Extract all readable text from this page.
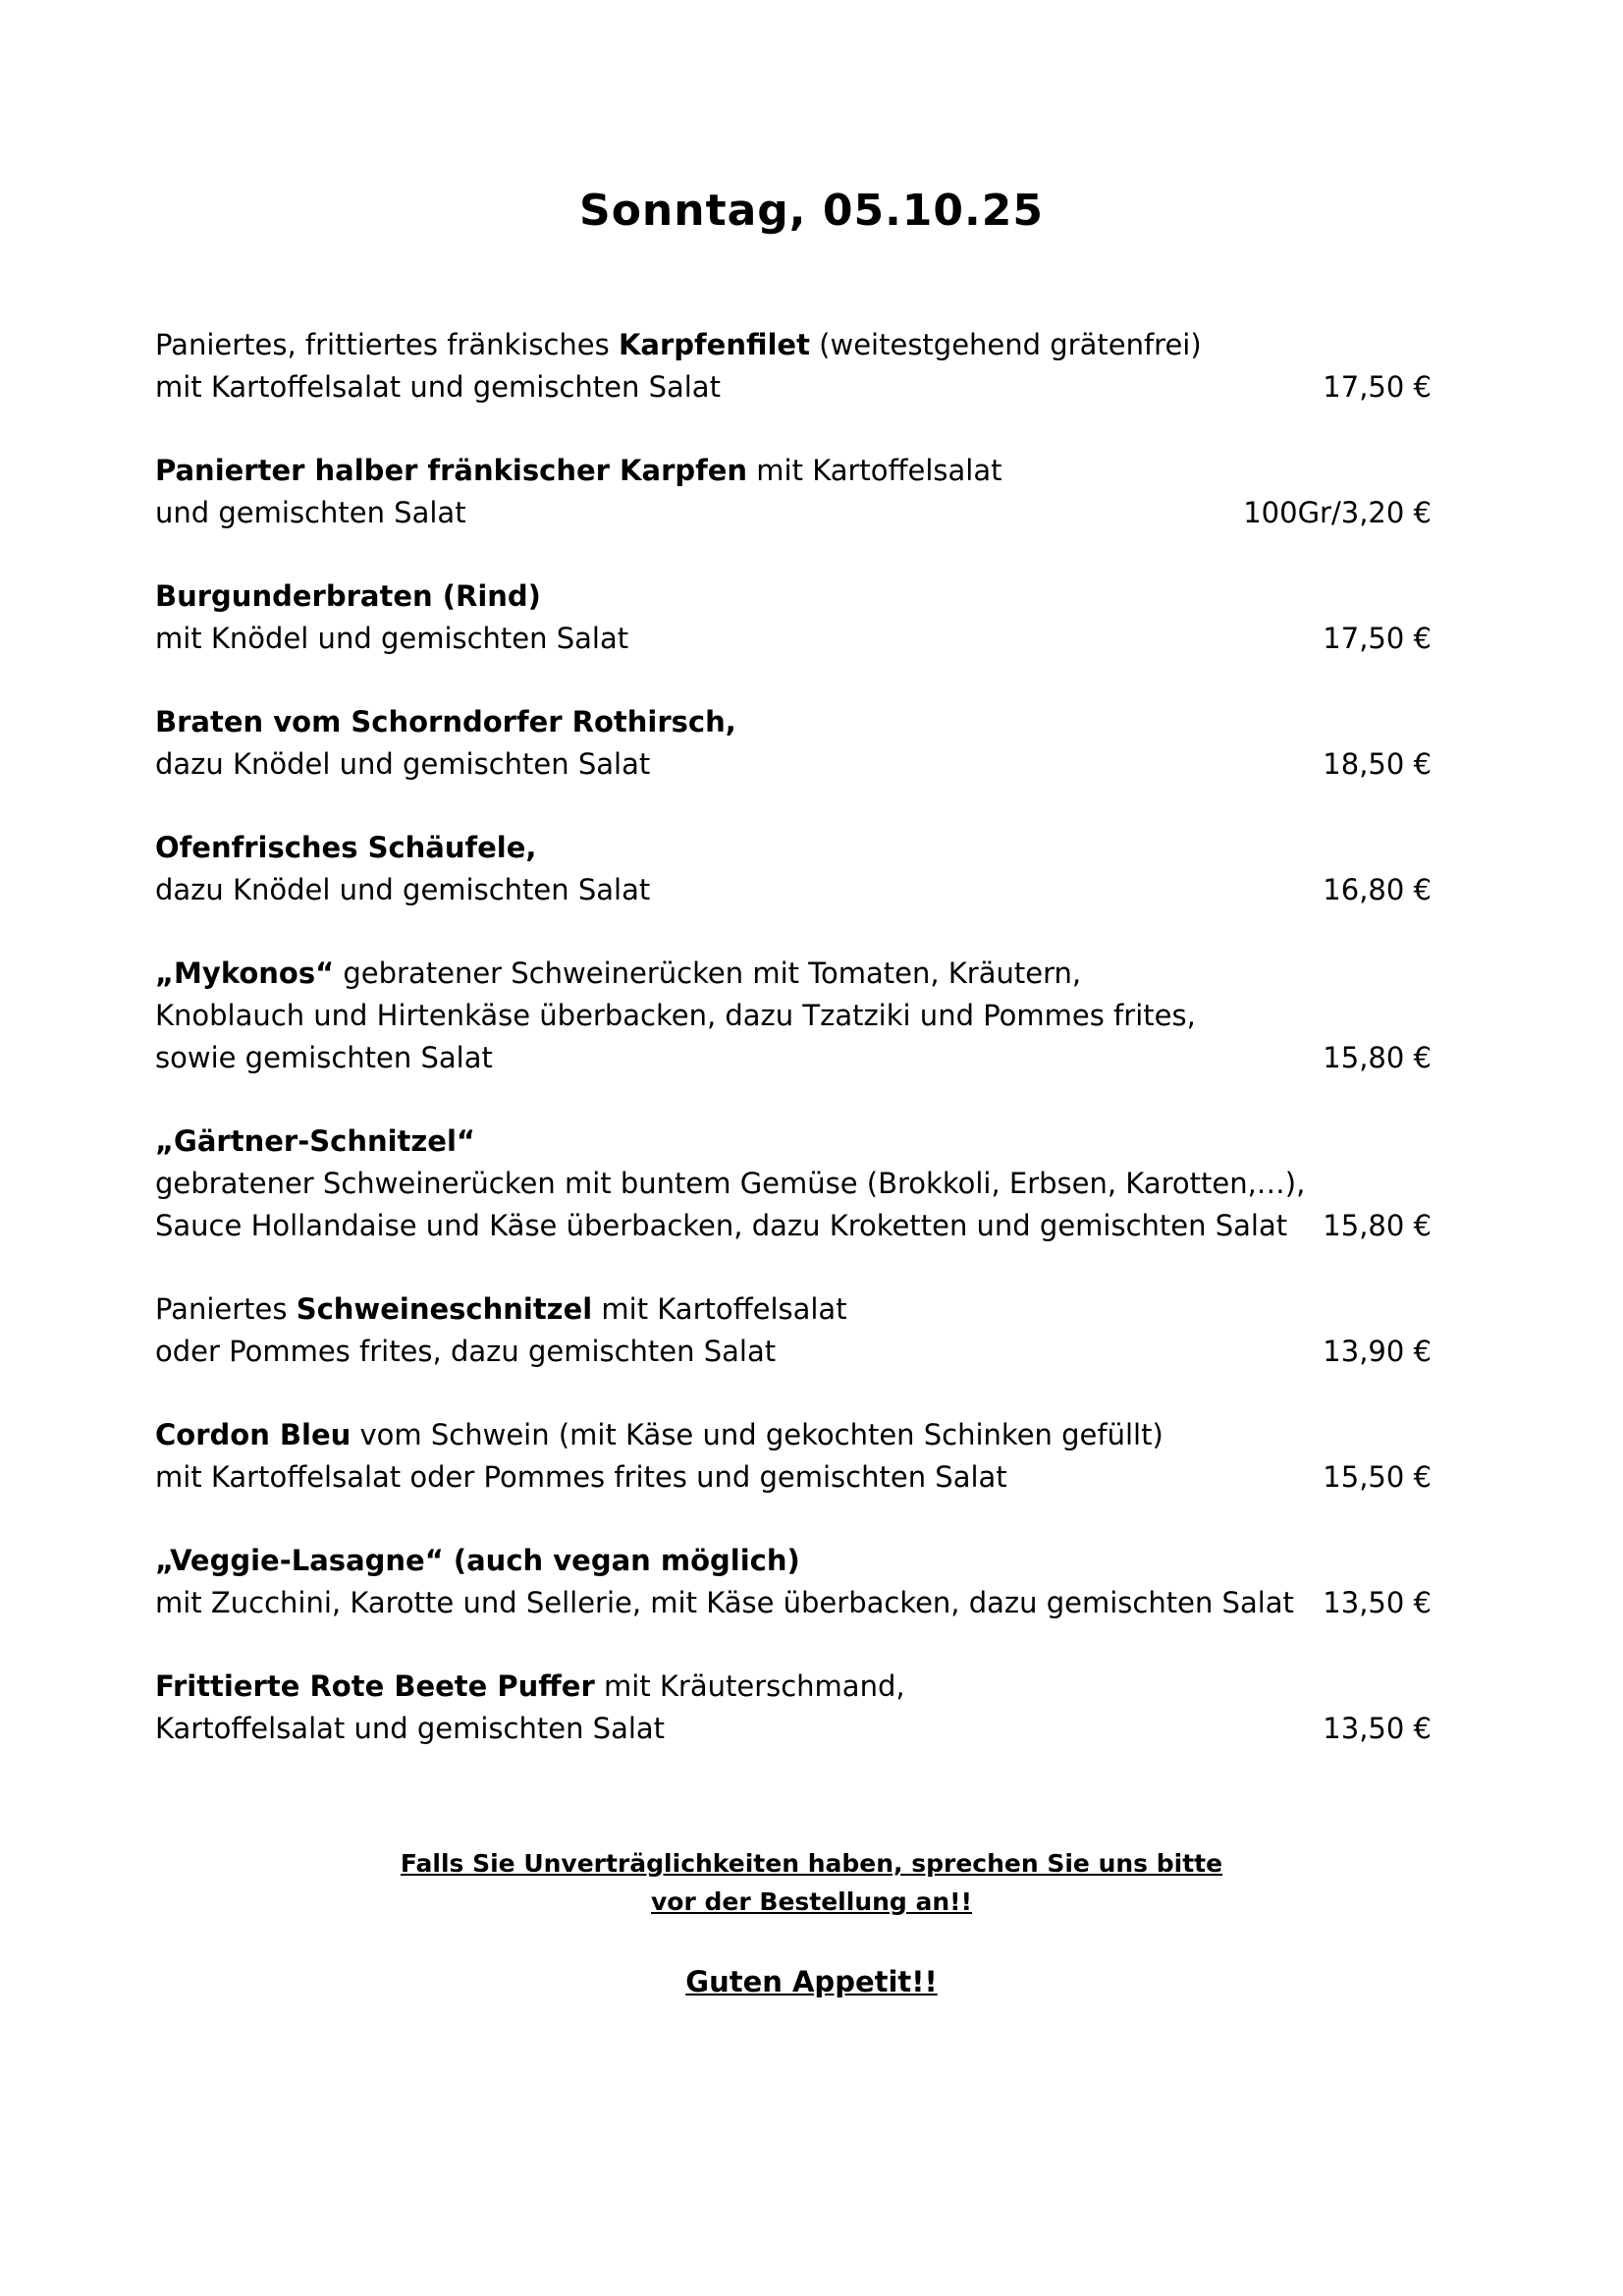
Sonntag, 05.10.25
Paniertes, frittiertes fränkisches Karpfenfilet (weitestgehend grätenfrei)
mit Kartoffelsalat und gemischten Salat	17,50 €
Panierter halber fränkischer Karpfen mit Kartoffelsalat
und gemischten Salat	100Gr/3,20 €
Burgunderbraten (Rind)
mit Knödel und gemischten Salat	17,50 €
Braten vom Schorndorfer Rothirsch,
dazu Knödel und gemischten Salat	18,50 €
Ofenfrisches Schäufele,
dazu Knödel und gemischten Salat	16,80 €
„Mykonos“ gebratener Schweinerücken mit Tomaten, Kräutern,
Knoblauch und Hirtenkäse überbacken, dazu Tzatziki und Pommes frites,
sowie gemischten Salat	15,80 €
„Gärtner-Schnitzel“
gebratener Schweinerücken mit buntem Gemüse (Brokkoli, Erbsen, Karotten,…),
Sauce Hollandaise und Käse überbacken, dazu Kroketten und gemischten Salat	15,80 €
Paniertes Schweineschnitzel mit Kartoffelsalat
oder Pommes frites, dazu gemischten Salat	13,90 €
Cordon Bleu vom Schwein (mit Käse und gekochten Schinken gefüllt)
mit Kartoffelsalat oder Pommes frites und gemischten Salat	15,50 €
„Veggie-Lasagne“ (auch vegan möglich)
mit Zucchini, Karotte und Sellerie, mit Käse überbacken, dazu gemischten Salat	13,50 €
Frittierte Rote Beete Puffer mit Kräuterschmand,
Kartoffelsalat und gemischten Salat	13,50 €

Falls Sie Unverträglichkeiten haben, sprechen Sie uns bitte
vor der Bestellung an!!

Guten Appetit!!
